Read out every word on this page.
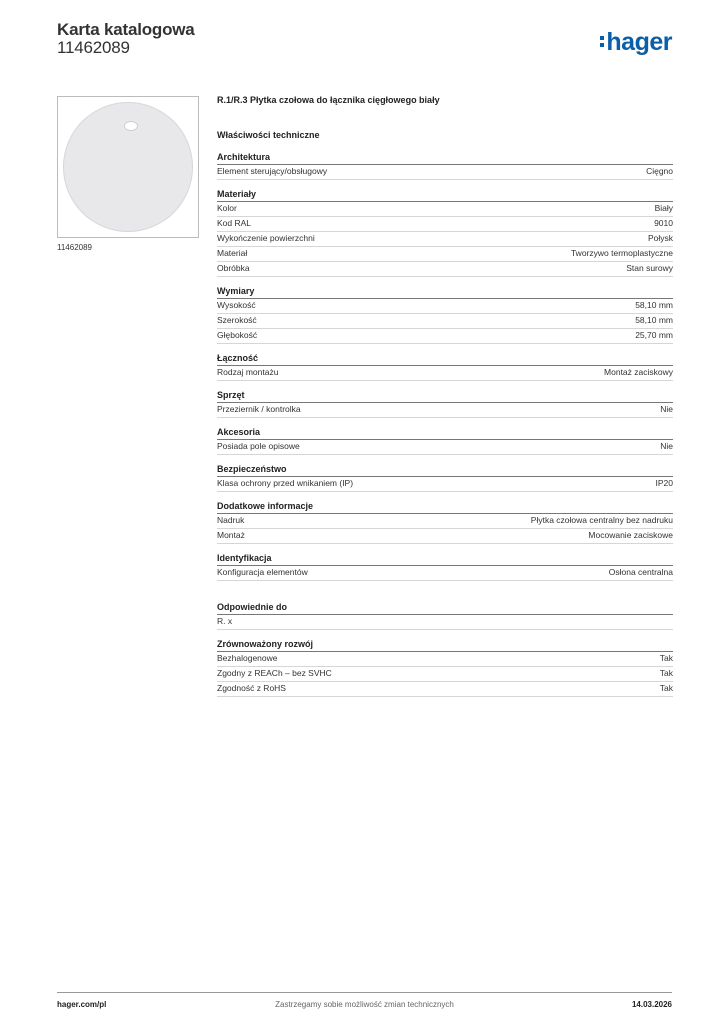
Karta katalogowa
11462089	hager
11462089
R.1/R.3 Płytka czołowa do łącznika cięgłowego biały
Właściwości techniczne
Architektura
Element sterujący/obsługowy	Cięgno
Materiały
Kolor	Biały
Kod RAL	9010
Wykończenie powierzchni	Połysk
Materiał	Tworzywo termoplastyczne
Obróbka	Stan surowy
Wymiary
Wysokość	58,10 mm
Szerokość	58,10 mm
Głębokość	25,70 mm
Łączność
Rodzaj montażu	Montaż zaciskowy
Sprzęt
Przeziernik / kontrolka	Nie
Akcesoria
Posiada pole opisowe	Nie
Bezpieczeństwo
Klasa ochrony przed wnikaniem (IP)	IP20
Dodatkowe informacje
Nadruk	Płytka czołowa centralny bez nadruku
Montaż	Mocowanie zaciskowe
Identyfikacja
Konfiguracja elementów	Osłona centralna
Odpowiednie do
R. x
Zrównoważony rozwój
Bezhalogenowe	Tak
Zgodny z REACh – bez SVHC	Tak
Zgodność z RoHS	Tak
hager.com/pl	Zastrzegamy sobie możliwość zmian technicznych	14.03.2026
